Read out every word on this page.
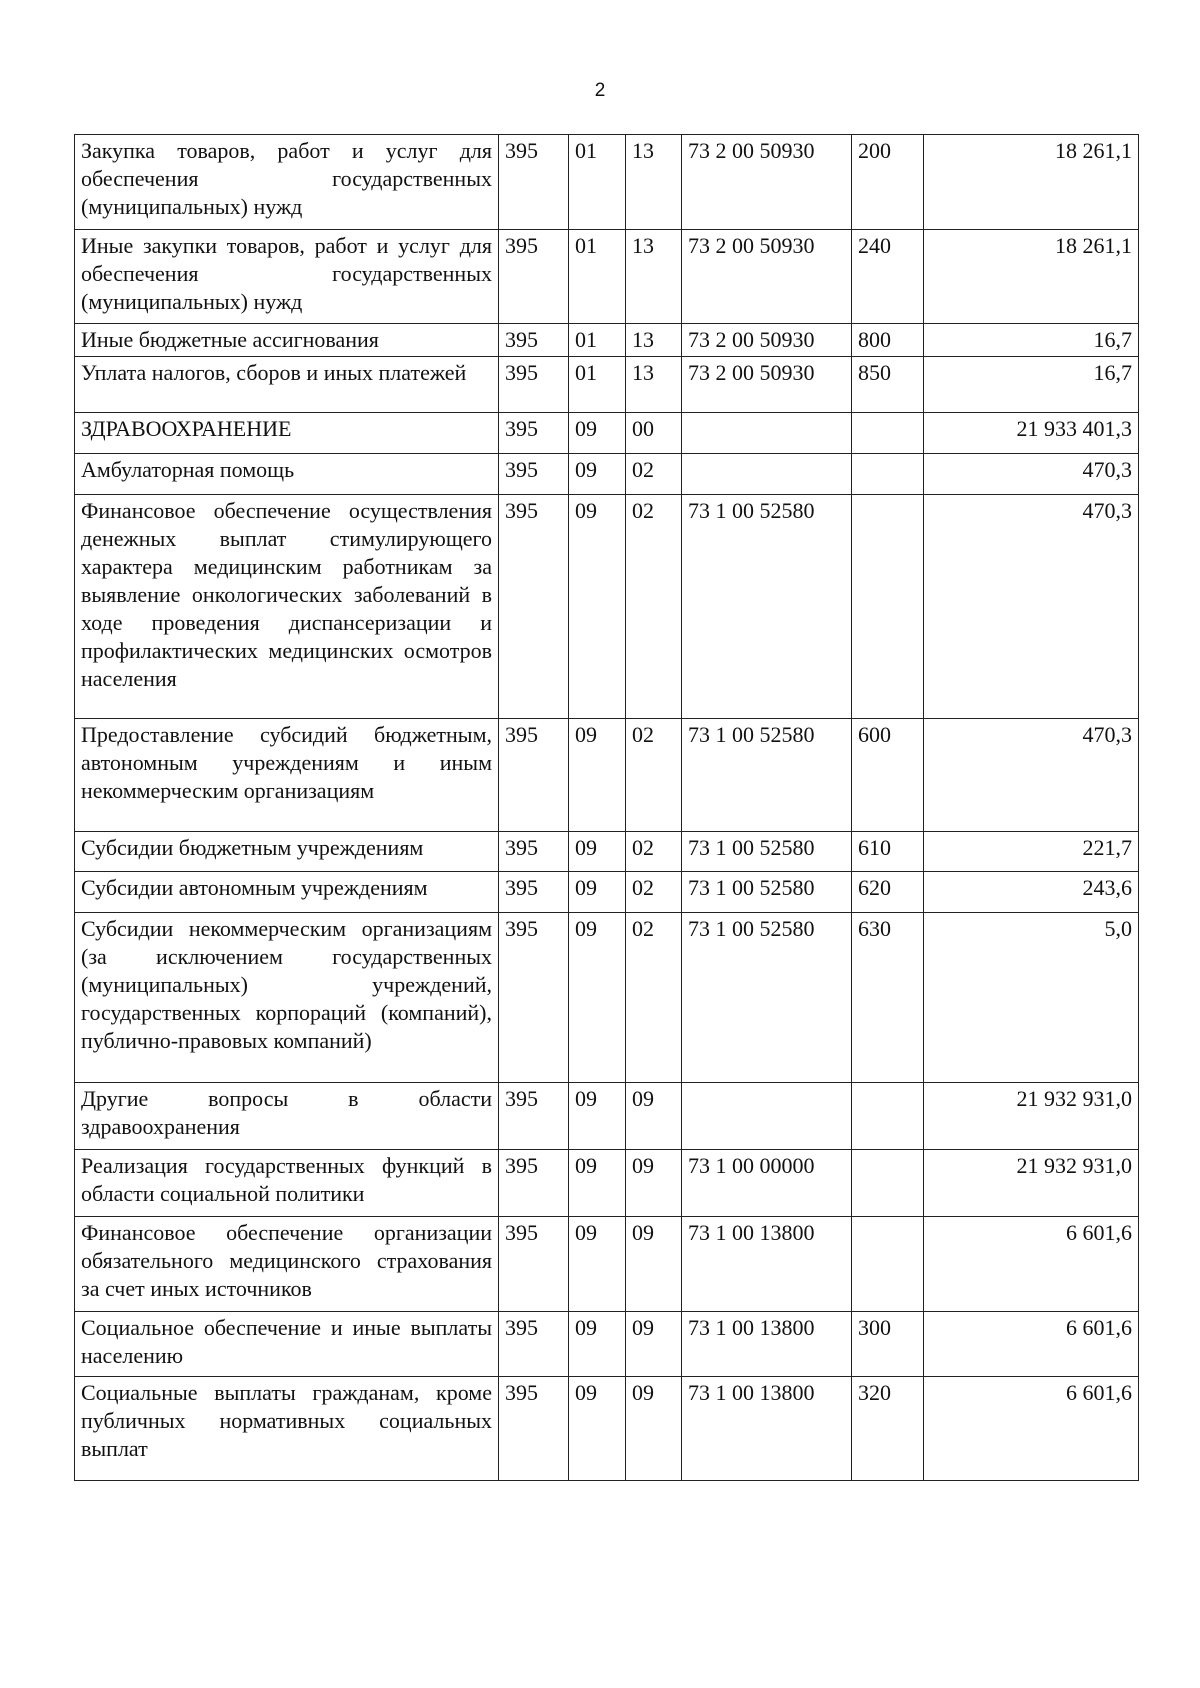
2
Закупка товаров, работ и услуг для обеспечения государственных (муниципальных) нужд	395	01	13	73 2 00 50930	200	18 261,1
Иные закупки товаров, работ и услуг для обеспечения государственных (муниципальных) нужд	395	01	13	73 2 00 50930	240	18 261,1
Иные бюджетные ассигнования	395	01	13	73 2 00 50930	800	16,7
Уплата налогов, сборов и иных платежей	395	01	13	73 2 00 50930	850	16,7
ЗДРАВООХРАНЕНИЕ	395	09	00			21 933 401,3
Амбулаторная помощь	395	09	02			470,3
Финансовое обеспечение осуществления денежных выплат стимулирующего характера медицинским работникам за выявление онкологических заболеваний в ходе проведения диспансеризации и профилактических медицинских осмотров населения	395	09	02	73 1 00 52580		470,3
Предоставление субсидий бюджетным, автономным учреждениям и иным некоммерческим организациям	395	09	02	73 1 00 52580	600	470,3
Субсидии бюджетным учреждениям	395	09	02	73 1 00 52580	610	221,7
Субсидии автономным учреждениям	395	09	02	73 1 00 52580	620	243,6
Субсидии некоммерческим организациям (за исключением государственных (муниципальных) учреждений, государственных корпораций (компаний), публично-правовых компаний)	395	09	02	73 1 00 52580	630	5,0
Другие вопросы в области здравоохранения	395	09	09			21 932 931,0
Реализация государственных функций в области социальной политики	395	09	09	73 1 00 00000		21 932 931,0
Финансовое обеспечение организации обязательного медицинского страхования за счет иных источников	395	09	09	73 1 00 13800		6 601,6
Социальное обеспечение и иные выплаты населению	395	09	09	73 1 00 13800	300	6 601,6
Социальные выплаты гражданам, кроме публичных нормативных социальных выплат	395	09	09	73 1 00 13800	320	6 601,6
